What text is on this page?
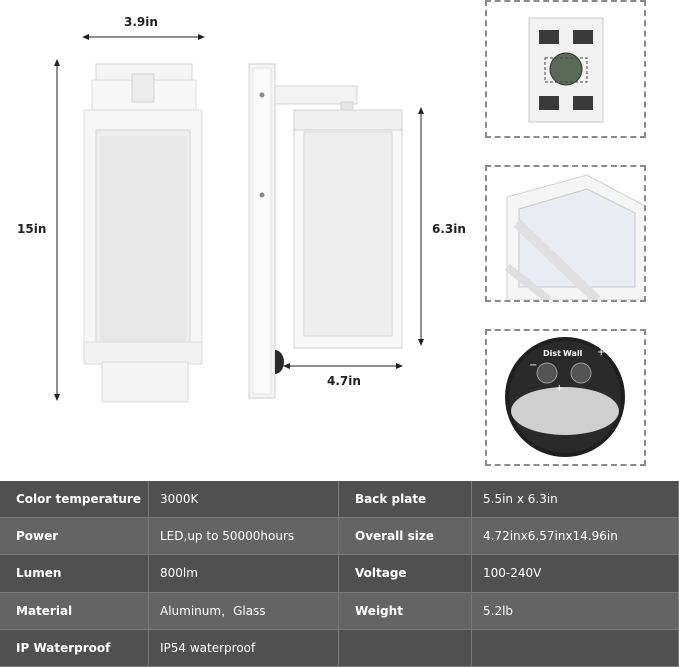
3.9in
15in	6.3in
4.7in
Dist Wall
−
+
+
Color temperature	3000K	Back plate	5.5in x 6.3in
Power	LED,up to 50000hours	Overall size	4.72inx6.57inx14.96in
Lumen	800lm	Voltage	100-240V
Material	Aluminum，Glass	Weight	5.2lb
IP Waterproof	IP54 waterproof
